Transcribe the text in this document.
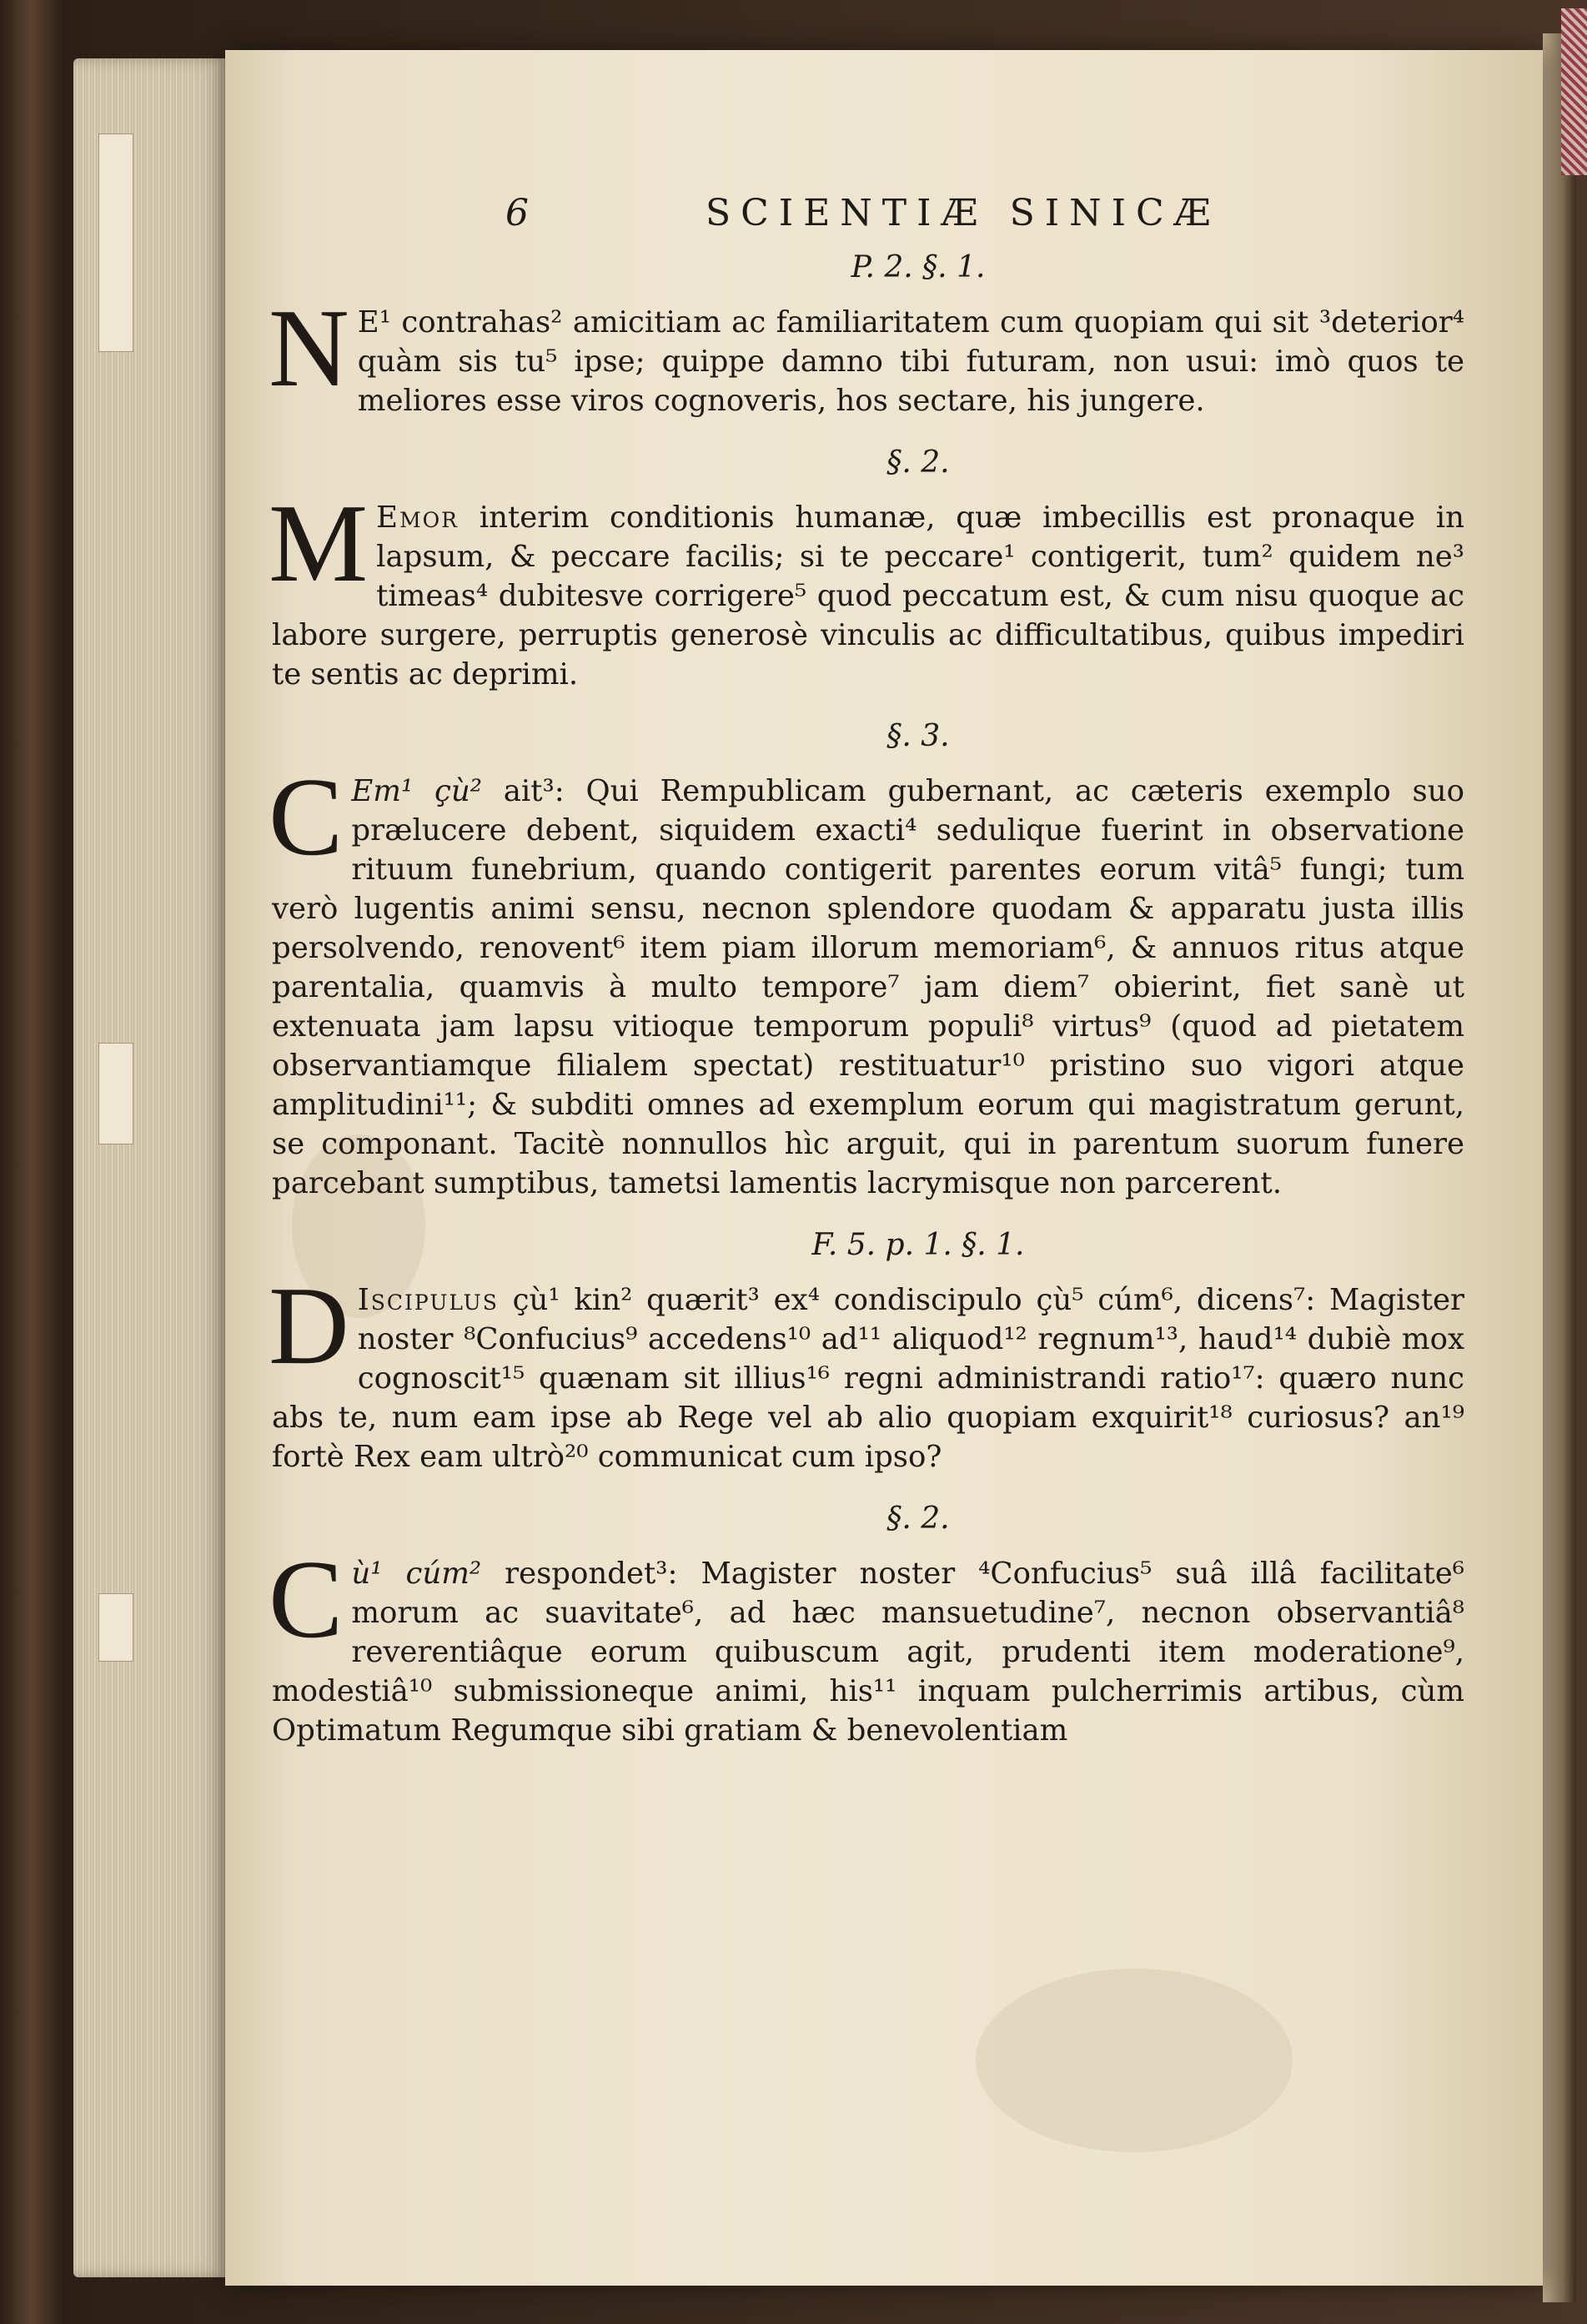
6	SCIENTIÆ SINICÆ
P. 2. §. 1.

N E¹ contrahas² amicitiam ac familiaritatem cum quopiam qui sit ³deterior⁴ quàm sis tu⁵ ipse; quippe damno tibi futuram, non usui: imò quos te meliores esse viros cognoveris, hos sectare, his jungere.

§. 2.

M Emor interim conditionis humanæ, quæ imbecillis est pronaque in lapsum, & peccare facilis; si te peccare¹ contigerit, tum² quidem ne³ timeas⁴ dubitesve corrigere⁵ quod peccatum est, & cum nisu quoque ac labore surgere, perruptis generosè vinculis ac difficultatibus, quibus impediri te sentis ac deprimi.

§. 3.

C Em¹ çù² ait³: Qui Rempublicam gubernant, ac cæteris exemplo suo prælucere debent, siquidem exacti⁴ sedulique fuerint in observatione rituum funebrium, quando contigerit parentes eorum vitâ⁵ fungi; tum verò lugentis animi sensu, necnon splendore quodam & apparatu justa illis persolvendo, renovent⁶ item piam illorum memoriam⁶, & annuos ritus atque parentalia, quamvis à multo tempore⁷ jam diem⁷ obierint, fiet sanè ut extenuata jam lapsu vitioque temporum populi⁸ virtus⁹ (quod ad pietatem observantiamque filialem spectat) restituatur¹⁰ pristino suo vigori atque amplitudini¹¹; & subditi omnes ad exemplum eorum qui magistratum gerunt, se componant. Tacitè nonnullos hìc arguit, qui in parentum suorum funere parcebant sumptibus, tametsi lamentis lacrymisque non parcerent.

F. 5. p. 1. §. 1.

D Iscipulus çù¹ kin² quærit³ ex⁴ condiscipulo çù⁵ cúm⁶, dicens⁷: Magister noster ⁸Confucius⁹ accedens¹⁰ ad¹¹ aliquod¹² regnum¹³, haud¹⁴ dubiè mox cognoscit¹⁵ quænam sit illius¹⁶ regni administrandi ratio¹⁷: quæro nunc abs te, num eam ipse ab Rege vel ab alio quopiam exquirit¹⁸ curiosus? an¹⁹ fortè Rex eam ultrò²⁰ communicat cum ipso?

§. 2.

Cù¹ cúm² respondet³: Magister noster ⁴Confucius⁵ suâ illâ facilitate⁶ morum ac suavitate⁶, ad hæc mansuetudine⁷, necnon observantiâ⁸ reverentiâque eorum quibuscum agit, prudenti item moderatione⁹, modestiâ¹⁰ submissioneque animi, his¹¹ inquam pulcherrimis artibus, cùm Optimatum Regumque sibi gratiam & benevolentiam
